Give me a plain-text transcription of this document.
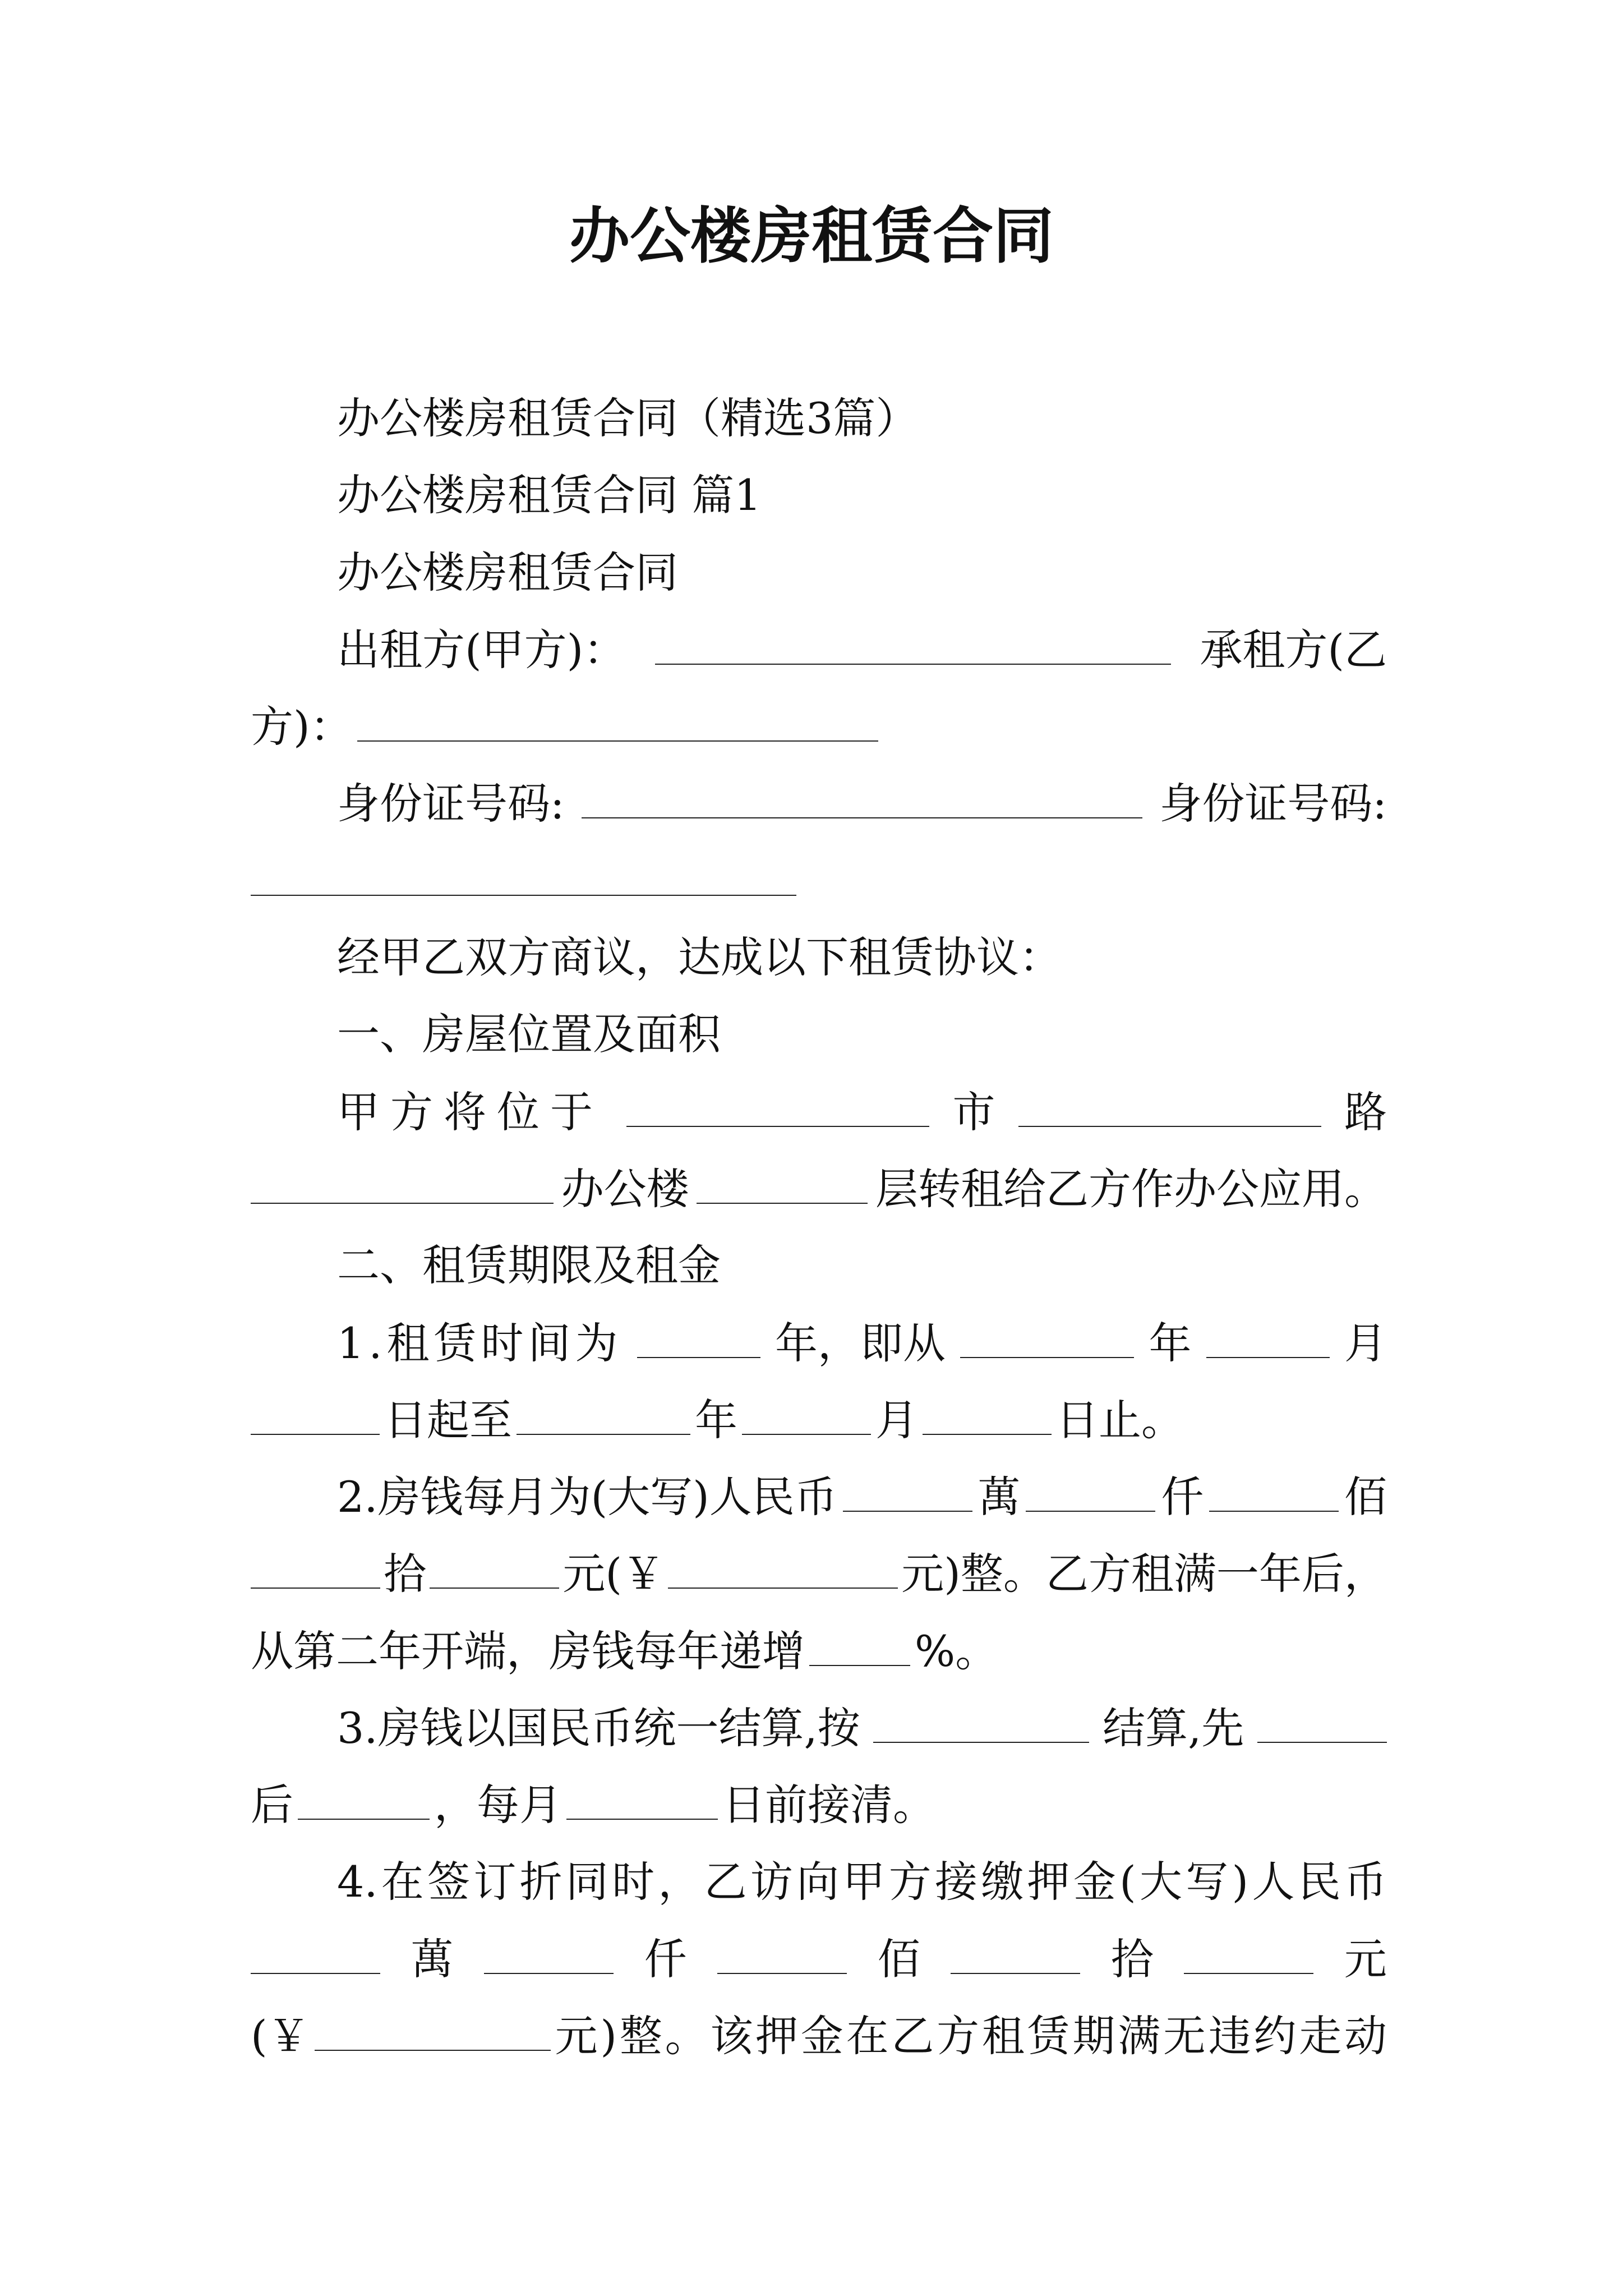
办公楼房租赁合同
办公楼房租赁合同（精选3篇）
办公楼房租赁合同 篇1
办公楼房租赁合同
出租方(甲方)：	承租方(乙
方)：
身份证号码:	身份证号码:
经甲乙双方商议，达成以下租赁协议：
一、房屋位置及面积
甲方将位于	市	路
办公楼	层转租给乙方作办公应用。
二、租赁期限及租金
1.租赁时间为	年，即从	年	月
日起至	年	月	日止。
2.房钱每月为(大写)人民币	萬	仟	佰
拾	元(￥	元)整。乙方租满一年后，
从第二年开端，房钱每年递增	%。
3.房钱以国民币统一结算,按	结算,先
后	，每月	日前接清。
4.在签订折同时，乙访向甲方接缴押金(大写)人民币
萬	仟	佰	拾	元
(￥	元)整。该押金在乙方租赁期满无违约走动
